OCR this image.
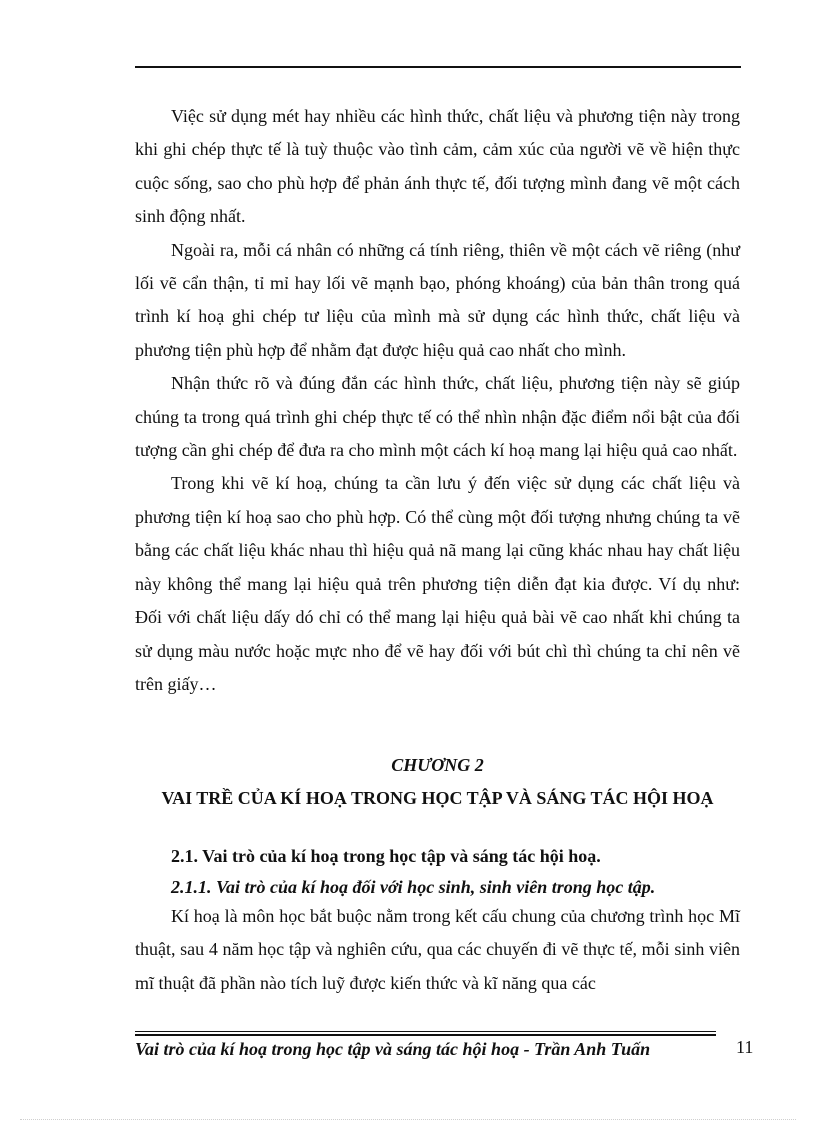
Việc sử dụng mét hay nhiều các hình thức, chất liệu và phương tiện này trong khi ghi chép thực tế là tuỳ thuộc vào tình cảm, cảm xúc của người vẽ về hiện thực cuộc sống, sao cho phù hợp để phản ánh thực tế, đối tượng mình đang vẽ một cách sinh động nhất.

Ngoài ra, mỗi cá nhân có những cá tính riêng, thiên về một cách vẽ riêng (như lối vẽ cẩn thận, tỉ mỉ hay lối vẽ mạnh bạo, phóng khoáng) của bản thân trong quá trình kí hoạ ghi chép tư liệu của mình mà sử dụng các hình thức, chất liệu và phương tiện phù hợp để nhằm đạt được hiệu quả cao nhất cho mình.

Nhận thức rõ và đúng đắn các hình thức, chất liệu, phương tiện này sẽ giúp chúng ta trong quá trình ghi chép thực tế có thể nhìn nhận đặc điểm nổi bật của đối tượng cần ghi chép để đưa ra cho mình một cách kí hoạ mang lại hiệu quả cao nhất.

Trong khi vẽ kí hoạ, chúng ta cần lưu ý đến việc sử dụng các chất liệu và phương tiện kí hoạ sao cho phù hợp. Có thể cùng một đối tượng nhưng chúng ta vẽ bằng các chất liệu khác nhau thì hiệu quả nã mang lại cũng khác nhau hay chất liệu này không thể mang lại hiệu quả trên phương tiện diễn đạt kia được. Ví dụ như: Đối với chất liệu dấy dó chỉ có thể mang lại hiệu quả bài vẽ cao nhất khi chúng ta sử dụng màu nước hoặc mực nho để vẽ hay đối với bút chì thì chúng ta chỉ nên vẽ trên giấy…

CHƯƠNG 2
VAI TRỀ CỦA KÍ HOẠ TRONG HỌC TẬP VÀ SÁNG TÁC HỘI HOẠ
2.1. Vai trò của kí hoạ trong học tập và sáng tác hội hoạ.
2.1.1. Vai trò của kí hoạ đối với học sinh, sinh viên trong học tập.

Kí hoạ là môn học bắt buộc nằm trong kết cấu chung của chương trình học Mĩ thuật, sau 4 năm học tập và nghiên cứu, qua các chuyến đi vẽ thực tế, mỗi sinh viên mĩ thuật đã phần nào tích luỹ được kiến thức và kĩ năng qua các

Vai trò của kí hoạ trong học tập và sáng tác hội hoạ - Trần Anh Tuấn	11
